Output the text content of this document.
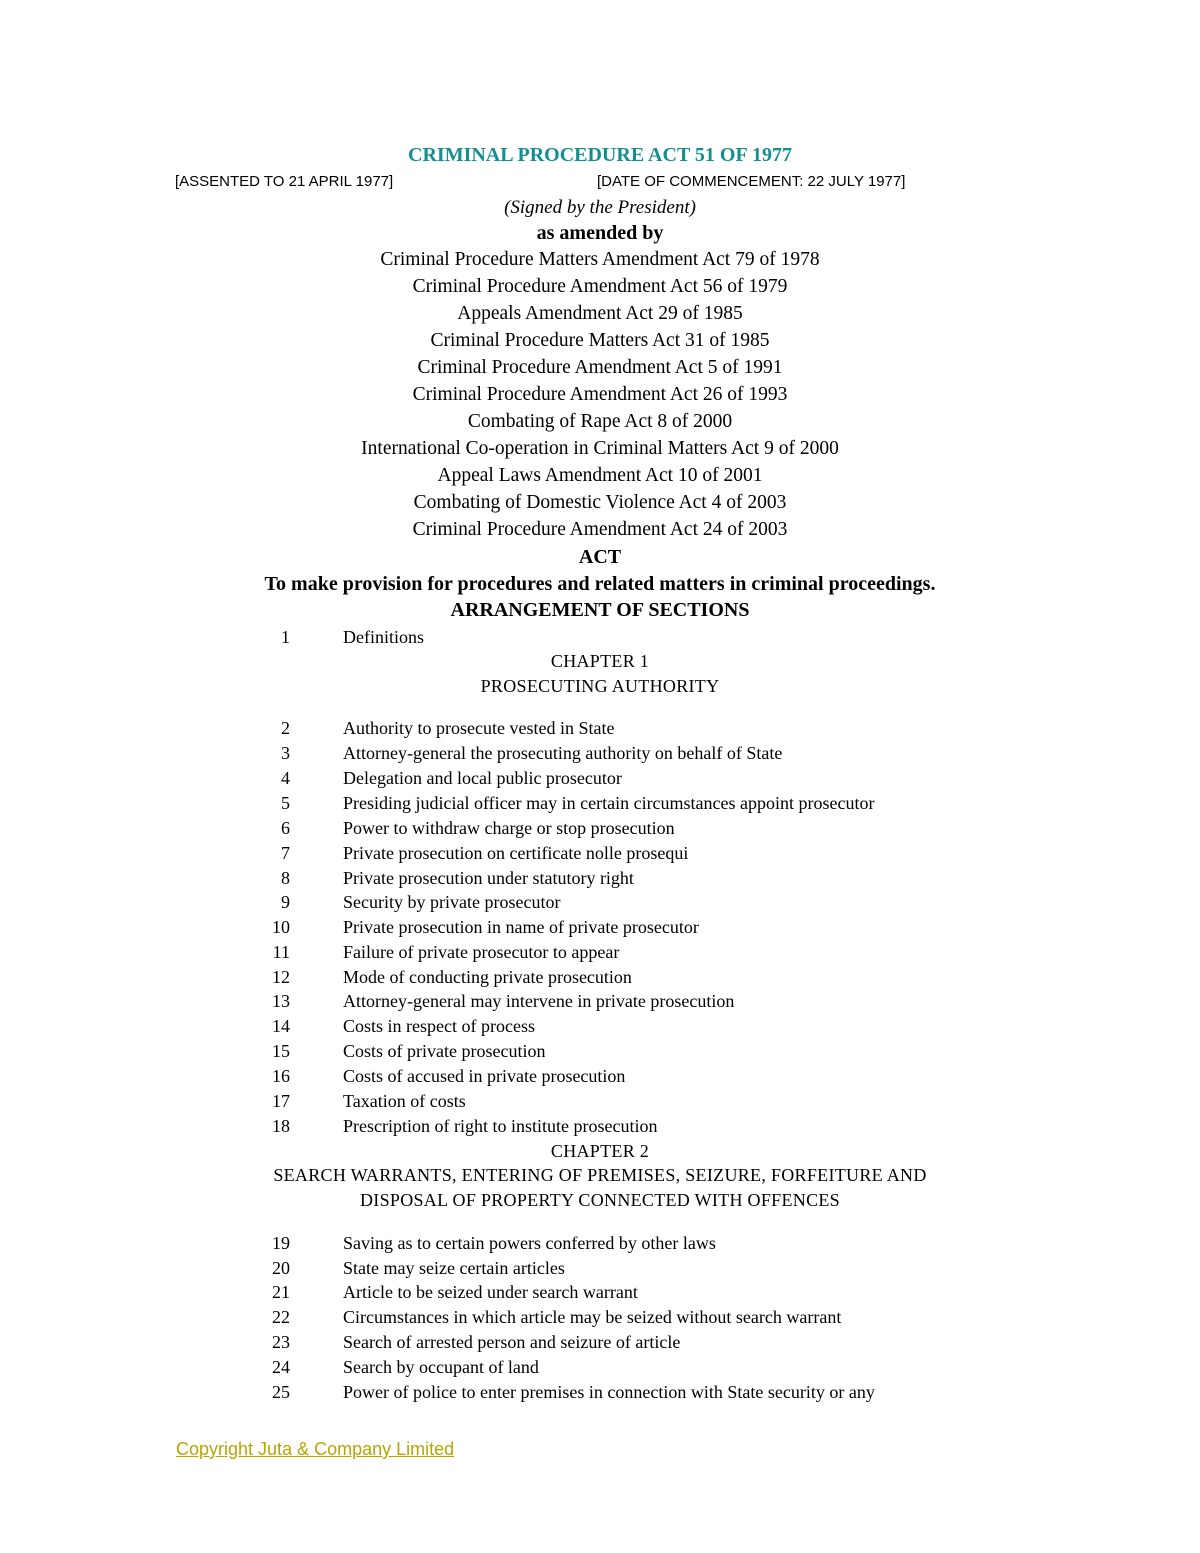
CRIMINAL PROCEDURE ACT 51 OF 1977
[ASSENTED TO 21 APRIL 1977]	[DATE OF COMMENCEMENT: 22 JULY 1977]
(Signed by the President)
as amended by
Criminal Procedure Matters Amendment Act 79 of 1978
Criminal Procedure Amendment Act 56 of 1979
Appeals Amendment Act 29 of 1985
Criminal Procedure Matters Act 31 of 1985
Criminal Procedure Amendment Act 5 of 1991
Criminal Procedure Amendment Act 26 of 1993
Combating of Rape Act 8 of 2000
International Co-operation in Criminal Matters Act 9 of 2000
Appeal Laws Amendment Act 10 of 2001
Combating of Domestic Violence Act 4 of 2003
Criminal Procedure Amendment Act 24 of 2003
ACT
To make provision for procedures and related matters in criminal proceedings.
ARRANGEMENT OF SECTIONS
1	Definitions
CHAPTER 1
PROSECUTING AUTHORITY
2	Authority to prosecute vested in State
3	Attorney-general the prosecuting authority on behalf of State
4	Delegation and local public prosecutor
5	Presiding judicial officer may in certain circumstances appoint prosecutor
6	Power to withdraw charge or stop prosecution
7	Private prosecution on certificate nolle prosequi
8	Private prosecution under statutory right
9	Security by private prosecutor
10	Private prosecution in name of private prosecutor
11	Failure of private prosecutor to appear
12	Mode of conducting private prosecution
13	Attorney-general may intervene in private prosecution
14	Costs in respect of process
15	Costs of private prosecution
16	Costs of accused in private prosecution
17	Taxation of costs
18	Prescription of right to institute prosecution
CHAPTER 2
SEARCH WARRANTS, ENTERING OF PREMISES, SEIZURE, FORFEITURE AND
DISPOSAL OF PROPERTY CONNECTED WITH OFFENCES
19	Saving as to certain powers conferred by other laws
20	State may seize certain articles
21	Article to be seized under search warrant
22	Circumstances in which article may be seized without search warrant
23	Search of arrested person and seizure of article
24	Search by occupant of land
25	Power of police to enter premises in connection with State security or any
Copyright Juta & Company Limited
